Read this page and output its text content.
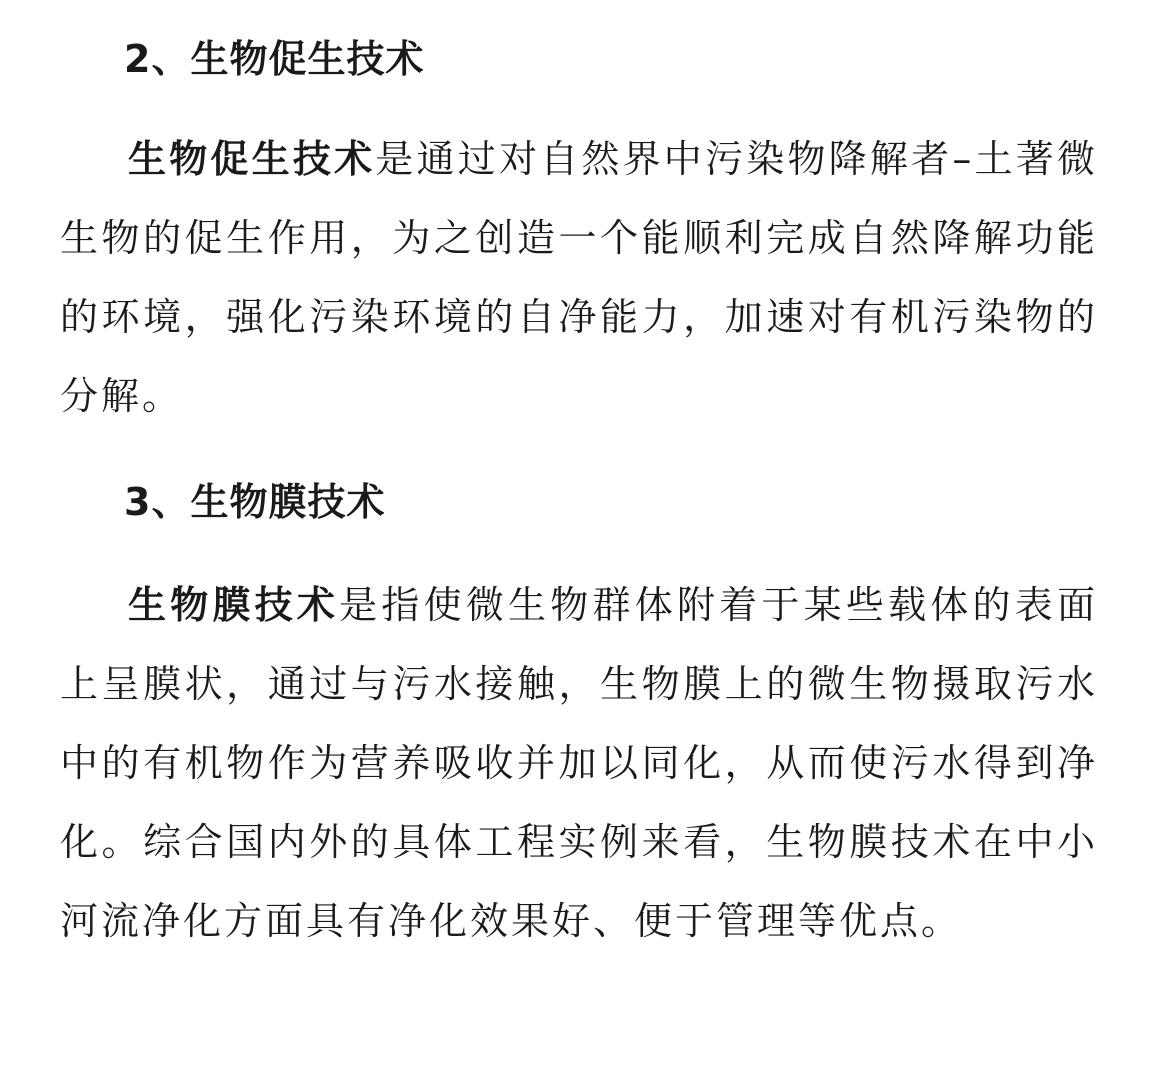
2、生物促生技术

生物促生技术是通过对自然界中污染物降解者–土著微生物的促生作用，为之创造一个能顺利完成自然降解功能的环境，强化污染环境的自净能力，加速对有机污染物的分解。

3、生物膜技术

生物膜技术是指使微生物群体附着于某些载体的表面上呈膜状，通过与污水接触，生物膜上的微生物摄取污水中的有机物作为营养吸收并加以同化，从而使污水得到净化。综合国内外的具体工程实例来看，生物膜技术在中小河流净化方面具有净化效果好、便于管理等优点。
